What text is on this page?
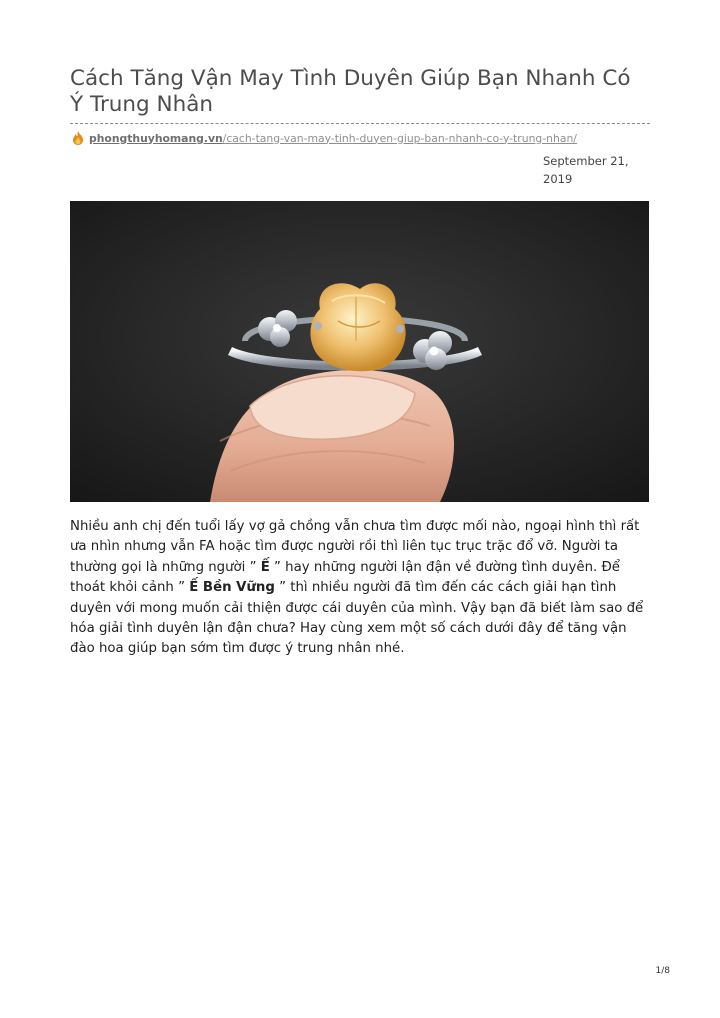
Cách Tăng Vận May Tình Duyên Giúp Bạn Nhanh Có Ý Trung Nhân
phongthuyhomang.vn /cach-tang-van-may-tinh-duyen-giup-ban-nhanh-co-y-trung-nhan/
September 21, 2019

Nhiều anh chị đến tuổi lấy vợ gả chồng vẫn chưa tìm được mối nào, ngoại hình thì rất ưa nhìn nhưng vẫn FA hoặc tìm được người rồi thì liên tục trục trặc đổ vỡ. Người ta thường gọi là những người ” Ế ” hay những người lận đận về đường tình duyên. Để thoát khỏi cảnh ” Ế Bền Vững ” thì nhiều người đã tìm đến các cách giải hạn tình duyên với mong muốn cải thiện được cái duyên của mình. Vậy bạn đã biết làm sao để hóa giải tình duyên lận đận chưa? Hay cùng xem một số cách dưới đây để tăng vận đào hoa giúp bạn sớm tìm được ý trung nhân nhé.

1/8
